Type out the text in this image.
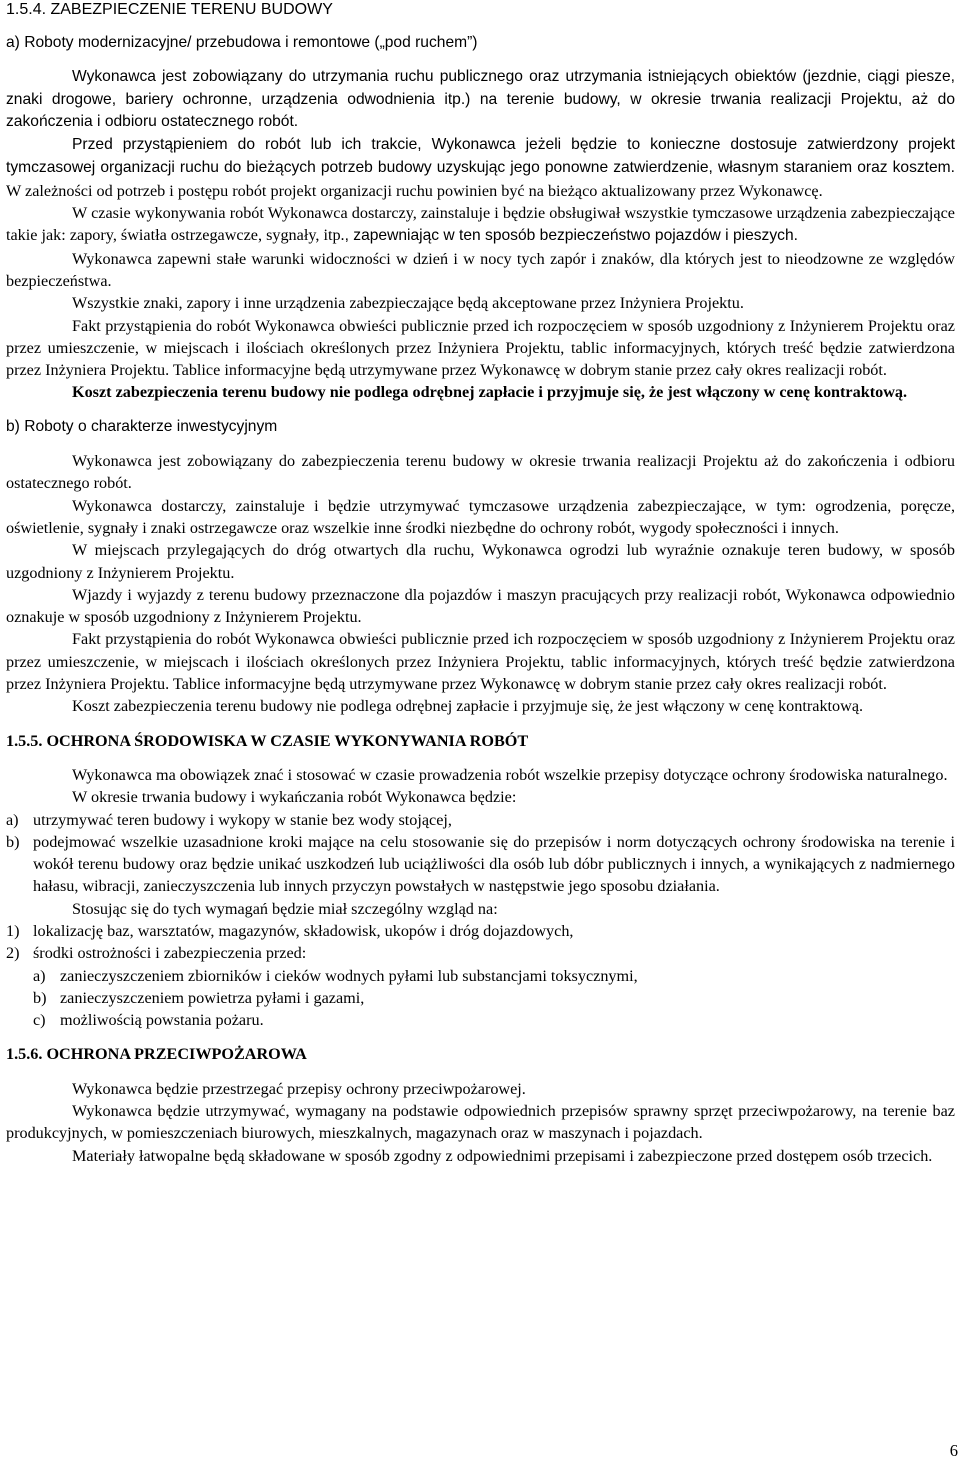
1.5.4. ZABEZPIECZENIE TERENU BUDOWY

a) Roboty modernizacyjne/ przebudowa i remontowe („pod ruchem”)

Wykonawca jest zobowiązany do utrzymania ruchu publicznego oraz utrzymania istniejących obiektów (jezdnie, ciągi piesze, znaki drogowe, bariery ochronne, urządzenia odwodnienia itp.) na terenie budowy, w okresie trwania realizacji Projektu, aż do zakończenia i odbioru ostatecznego robót.

Przed przystąpieniem do robót lub ich trakcie, Wykonawca jeżeli będzie to konieczne dostosuje zatwierdzony projekt tymczasowej organizacji ruchu do bieżących potrzeb budowy uzyskując jego ponowne zatwierdzenie, własnym staraniem oraz kosztem. W zależności od potrzeb i postępu robót projekt organizacji ruchu powinien być na bieżąco aktualizowany przez Wykonawcę.

W czasie wykonywania robót Wykonawca dostarczy, zainstaluje i będzie obsługiwał wszystkie tymczasowe urządzenia zabezpieczające takie jak: zapory, światła ostrzegawcze, sygnały, itp., zapewniając w ten sposób bezpieczeństwo pojazdów i pieszych.

Wykonawca zapewni stałe warunki widoczności w dzień i w nocy tych zapór i znaków, dla których jest to nieodzowne ze względów bezpieczeństwa.

Wszystkie znaki, zapory i inne urządzenia zabezpieczające będą akceptowane przez Inżyniera Projektu.

Fakt przystąpienia do robót Wykonawca obwieści publicznie przed ich rozpoczęciem w sposób uzgodniony z Inżynierem Projektu oraz przez umieszczenie, w miejscach i ilościach określonych przez Inżyniera Projektu, tablic informacyjnych, których treść będzie zatwierdzona przez Inżyniera Projektu. Tablice informacyjne będą utrzymywane przez Wykonawcę w dobrym stanie przez cały okres realizacji robót.

Koszt zabezpieczenia terenu budowy nie podlega odrębnej zapłacie i przyjmuje się, że jest włączony w cenę kontraktową.

b) Roboty o charakterze inwestycyjnym

Wykonawca jest zobowiązany do zabezpieczenia terenu budowy w okresie trwania realizacji Projektu aż do zakończenia i odbioru ostatecznego robót.

Wykonawca dostarczy, zainstaluje i będzie utrzymywać tymczasowe urządzenia zabezpieczające, w tym: ogrodzenia, poręcze, oświetlenie, sygnały i znaki ostrzegawcze oraz wszelkie inne środki niezbędne do ochrony robót, wygody społeczności i innych.

W miejscach przylegających do dróg otwartych dla ruchu, Wykonawca ogrodzi lub wyraźnie oznakuje teren budowy, w sposób uzgodniony z Inżynierem Projektu.

Wjazdy i wyjazdy z terenu budowy przeznaczone dla pojazdów i maszyn pracujących przy realizacji robót, Wykonawca odpowiednio oznakuje w sposób uzgodniony z Inżynierem Projektu.

Fakt przystąpienia do robót Wykonawca obwieści publicznie przed ich rozpoczęciem w sposób uzgodniony z Inżynierem Projektu oraz przez umieszczenie, w miejscach i ilościach określonych przez Inżyniera Projektu, tablic informacyjnych, których treść będzie zatwierdzona przez Inżyniera Projektu. Tablice informacyjne będą utrzymywane przez Wykonawcę w dobrym stanie przez cały okres realizacji robót.

Koszt zabezpieczenia terenu budowy nie podlega odrębnej zapłacie i przyjmuje się, że jest włączony w cenę kontraktową.

1.5.5. OCHRONA ŚRODOWISKA W CZASIE WYKONYWANIA ROBÓT

Wykonawca ma obowiązek znać i stosować w czasie prowadzenia robót wszelkie przepisy dotyczące ochrony środowiska naturalnego.

W okresie trwania budowy i wykańczania robót Wykonawca będzie:

a) utrzymywać teren budowy i wykopy w stanie bez wody stojącej,
b) podejmować wszelkie uzasadnione kroki mające na celu stosowanie się do przepisów i norm dotyczących ochrony środowiska na terenie i wokół terenu budowy oraz będzie unikać uszkodzeń lub uciążliwości dla osób lub dóbr publicznych i innych, a wynikających z nadmiernego hałasu, wibracji, zanieczyszczenia lub innych przyczyn powstałych w następstwie jego sposobu działania.

Stosując się do tych wymagań będzie miał szczególny wzgląd na:

1) lokalizację baz, warsztatów, magazynów, składowisk, ukopów i dróg dojazdowych,
2) środki ostrożności i zabezpieczenia przed:
a) zanieczyszczeniem zbiorników i cieków wodnych pyłami lub substancjami toksycznymi,
b) zanieczyszczeniem powietrza pyłami i gazami,
c) możliwością powstania pożaru.

1.5.6. OCHRONA PRZECIWPOŻAROWA

Wykonawca będzie przestrzegać przepisy ochrony przeciwpożarowej.

Wykonawca będzie utrzymywać, wymagany na podstawie odpowiednich przepisów sprawny sprzęt przeciwpożarowy, na terenie baz produkcyjnych, w pomieszczeniach biurowych, mieszkalnych, magazynach oraz w maszynach i pojazdach.

Materiały łatwopalne będą składowane w sposób zgodny z odpowiednimi przepisami i zabezpieczone przed dostępem osób trzecich.

6
